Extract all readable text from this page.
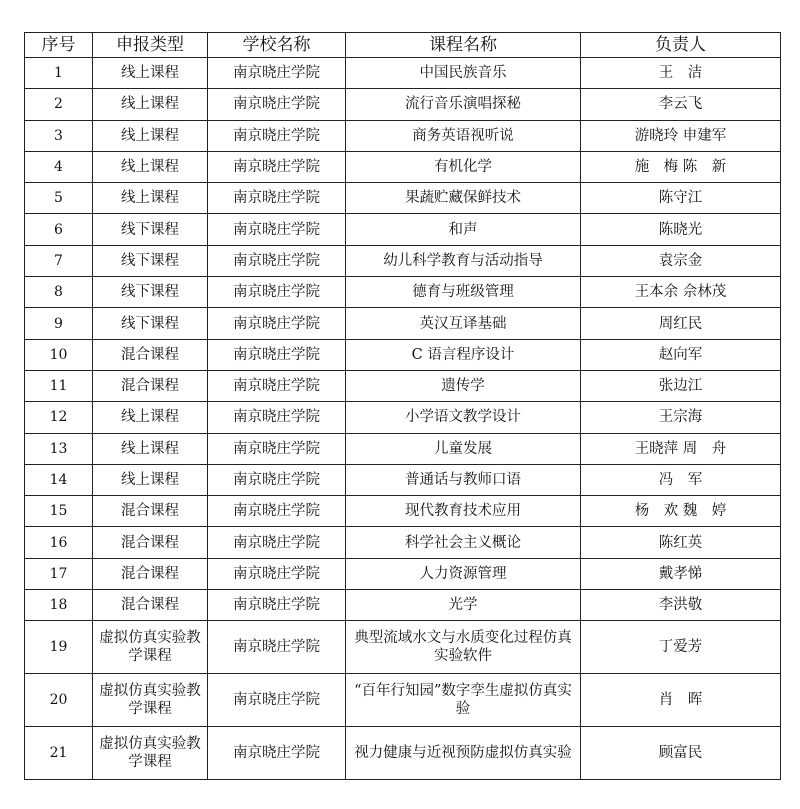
序号	申报类型	学校名称	课程名称	负责人
1	线上课程	南京晓庄学院	中国民族音乐	王　洁
2	线上课程	南京晓庄学院	流行音乐演唱探秘	李云飞
3	线上课程	南京晓庄学院	商务英语视听说	游晓玲 申建军
4	线上课程	南京晓庄学院	有机化学	施　梅 陈　新
5	线上课程	南京晓庄学院	果蔬贮藏保鲜技术	陈守江
6	线下课程	南京晓庄学院	和声	陈晓光
7	线下课程	南京晓庄学院	幼儿科学教育与活动指导	袁宗金
8	线下课程	南京晓庄学院	德育与班级管理	王本余 佘林茂
9	线下课程	南京晓庄学院	英汉互译基础	周红民
10	混合课程	南京晓庄学院	C 语言程序设计	赵向军
11	混合课程	南京晓庄学院	遗传学	张边江
12	线上课程	南京晓庄学院	小学语文教学设计	王宗海
13	线上课程	南京晓庄学院	儿童发展	王晓萍 周　舟
14	线上课程	南京晓庄学院	普通话与教师口语	冯　军
15	混合课程	南京晓庄学院	现代教育技术应用	杨　欢 魏　婷
16	混合课程	南京晓庄学院	科学社会主义概论	陈红英
17	混合课程	南京晓庄学院	人力资源管理	戴孝悌
18	混合课程	南京晓庄学院	光学	李洪敬
19	虚拟仿真实验教学课程	南京晓庄学院	典型流域水文与水质变化过程仿真实验软件	丁爱芳
20	虚拟仿真实验教学课程	南京晓庄学院	“百年行知园”数字孪生虚拟仿真实验	肖　晖
21	虚拟仿真实验教学课程	南京晓庄学院	视力健康与近视预防虚拟仿真实验	顾富民
